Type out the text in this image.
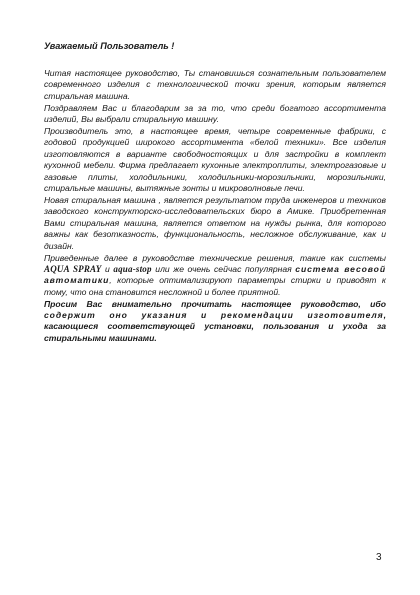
Уважаемый Пользователь !

Читая настоящее руководство, Ты становишься сознательным пользователем современного изделия с технологической точки зрения, которым является стиральная машина.

Поздравляем Вас и благодарим за за то, что среди богатого ассортимента изделий, Вы выбрали стиральную машину.

Производитель это, в настоящее время, четыре современные фабрики, с годовой продукцией широкого ассортимента «белой техники». Все изделия изготовляются в варианте свободностоящих и для застройки в комплект кухонной мебели. Фирма предлагает кухонные электроплиты, электрогазовые и газовые плиты, холодильники, холодильники-морозильники, морозильники, стиральные машины, вытяжные зонты и микроволновые печи.

Новая стиральная машина , является результатом труда инженеров и техников заводского конструкторско-исследовательских бюро в Амике. Приобретенная Вами стиральная машина, является ответом на нужды рынка, для которого важны как безотказность, функциональность, несложное обслуживание, как и дизайн.

Приведенные далее в руководстве технические решения, такие как системы AQUA SPRAY и aqua-stop или же очень сейчас популярная система весовой автоматики, которые оптимализируют параметры стирки и приводят к тому, что она становится несложной и более приятной.

Просим Вас внимательно прочитать настоящее руководство, ибо содержит оно указания и рекомендации изготовителя, касающиеся соответствующей установки, пользования и ухода за стиральными машинами.

3
